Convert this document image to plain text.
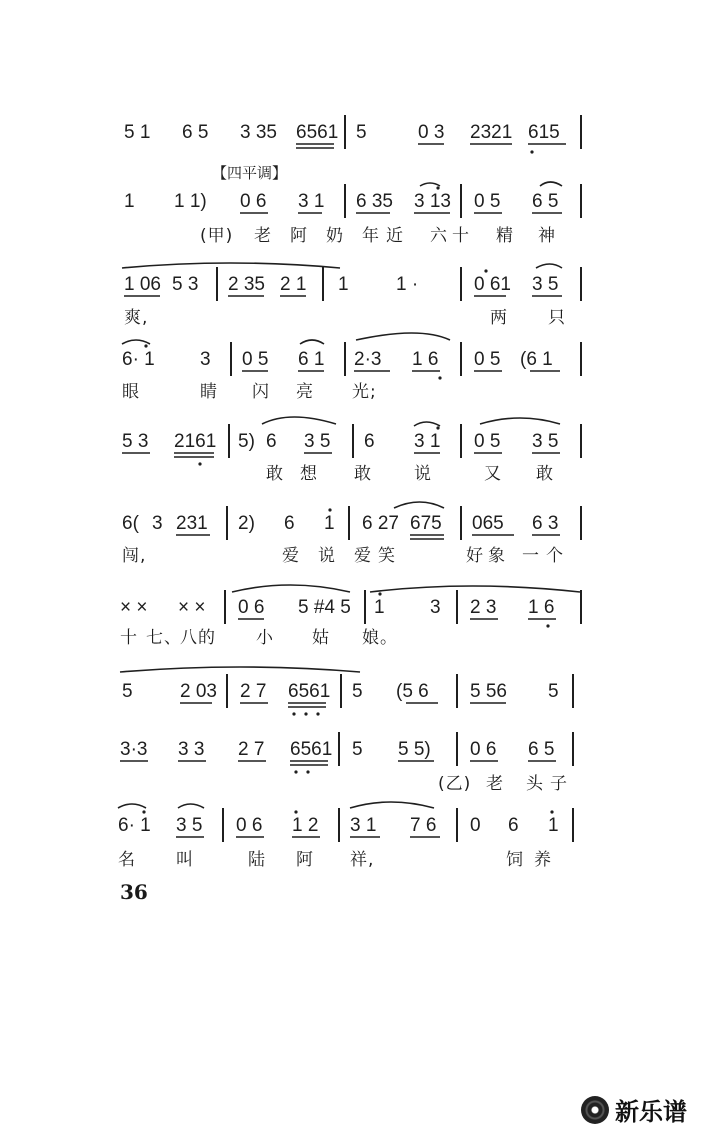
5 1 6 5 3 35 6561 5	0 3 2321 615
【四平调】
1 1 1) 0 6 3 1 6 35 3 13 0 5 6 5
(甲) 老 阿 奶 年 近 六 十 精 神
1 06 5 3 2 35 2 1 1 1 ·	0 61 3 5
爽,	两 只
6· 1 3 0 5 6 1 2·3 1 6 0 5 (6 1
眼	睛 闪 亮 光;
5 3 2161 5) 6 3 5 6 3 1 0 5 3 5
敢 想 敢 说	又 敢
6( 3 231 2) 6 1 6 27 675 065 6 3
闯,	爱 说 爱 笑	好 象 一 个
× × × × 0 6 5 #4 5 1 3 2 3 1 6
十 七、
八 的 小 姑 娘。
5 2 03 2 7 6561 5 (5 6 5 56 5
3·3 3 3 2 7 6561 5 5 5) 0 6 6 5
(乙) 老 头 子
6· 1 3 5 0 6 1 2 3 1 7 6 0 6 1
名 叫	陆 阿 祥,	饲 养
36
新乐谱
